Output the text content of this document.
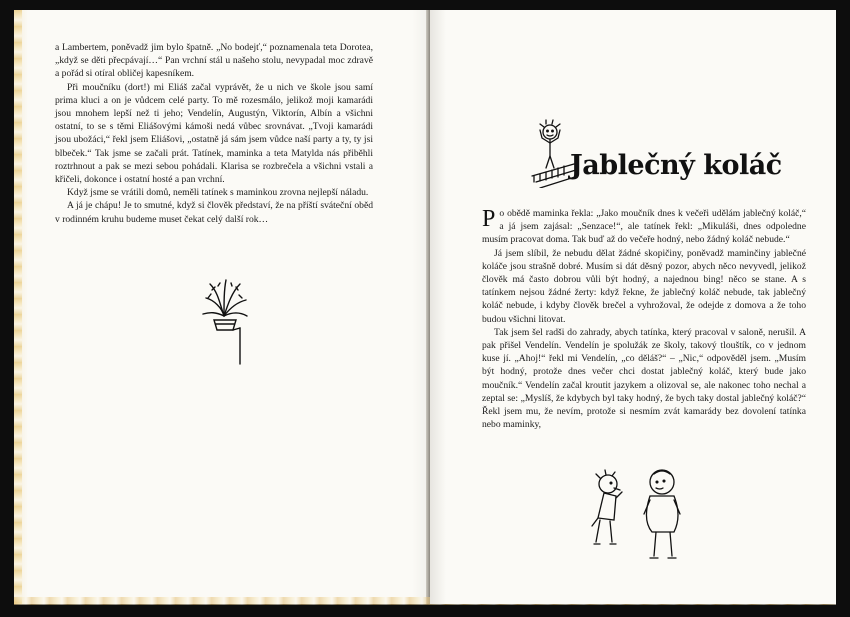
a Lambertem, poněvadž jim bylo špatně. „No bodejť,“ poznamenala teta Dorotea, „když se děti přecpávají…“ Pan vrchní stál u našeho stolu, nevypadal moc zdravě a pořád si otíral obličej kapesníkem.

Při moučníku (dort!) mi Eliáš začal vyprávět, že u nich ve škole jsou samí prima kluci a on je vůdcem celé party. To mě rozesmálo, jelikož moji kamarádi jsou mnohem lepší než ti jeho; Vendelín, Augustýn, Viktorín, Albín a všichni ostatní, to se s těmi Eliášovými kámoši nedá vůbec srovnávat. „Tvoji kamarádi jsou ubožáci,“ řekl jsem Eliášovi, „ostatně já sám jsem vůdce naší party a ty, ty jsi blbeček.“ Tak jsme se začali prát. Tatínek, maminka a teta Matylda nás přiběhli roztrhnout a pak se mezi sebou pohádali. Klarisa se rozbrečela a všichni vstali a křičeli, dokonce i ostatní hosté a pan vrchní.

Když jsme se vrátili domů, neměli tatínek s maminkou zrovna nejlepší náladu.

A já je chápu! Je to smutné, když si člověk představí, že na příští sváteční oběd v rodinném kruhu budeme muset čekat celý další rok…

Jablečný koláč

P o obědě maminka řekla: „Jako moučník dnes k večeři udělám jablečný koláč,“ a já jsem zajásal: „Senzace!“, ale tatínek řekl: „Mikuláši, dnes odpoledne musím pracovat doma. Tak buď až do večeře hodný, nebo žádný koláč nebude.“

Já jsem slíbil, že nebudu dělat žádné skopičiny, poněvadž maminčiny jablečné koláče jsou strašně dobré. Musím si dát děsný pozor, abych něco nevyvedl, jelikož člověk má často dobrou vůli být hodný, a najednou bing! něco se stane. A s tatínkem nejsou žádné žerty: když řekne, že jablečný koláč nebude, tak jablečný koláč nebude, i kdyby člověk brečel a vyhrožoval, že odejde z domova a že toho budou všichni litovat.

Tak jsem šel radši do zahrady, abych tatínka, který pracoval v saloně, nerušil. A pak přišel Vendelín. Vendelín je spolužák ze školy, takový tlouštík, co v jednom kuse jí. „Ahoj!“ řekl mi Vendelín, „co děláš?“ – „Nic,“ odpověděl jsem. „Musím být hodný, protože dnes večer chci dostat jablečný koláč, který bude jako moučník.“ Vendelín začal kroutit jazykem a olizoval se, ale nakonec toho nechal a zeptal se: „Myslíš, že kdybych byl taky hodný, že bych taky dostal jablečný koláč?“ Řekl jsem mu, že nevím, protože si nesmím zvát kamarády bez dovolení tatínka nebo maminky,
